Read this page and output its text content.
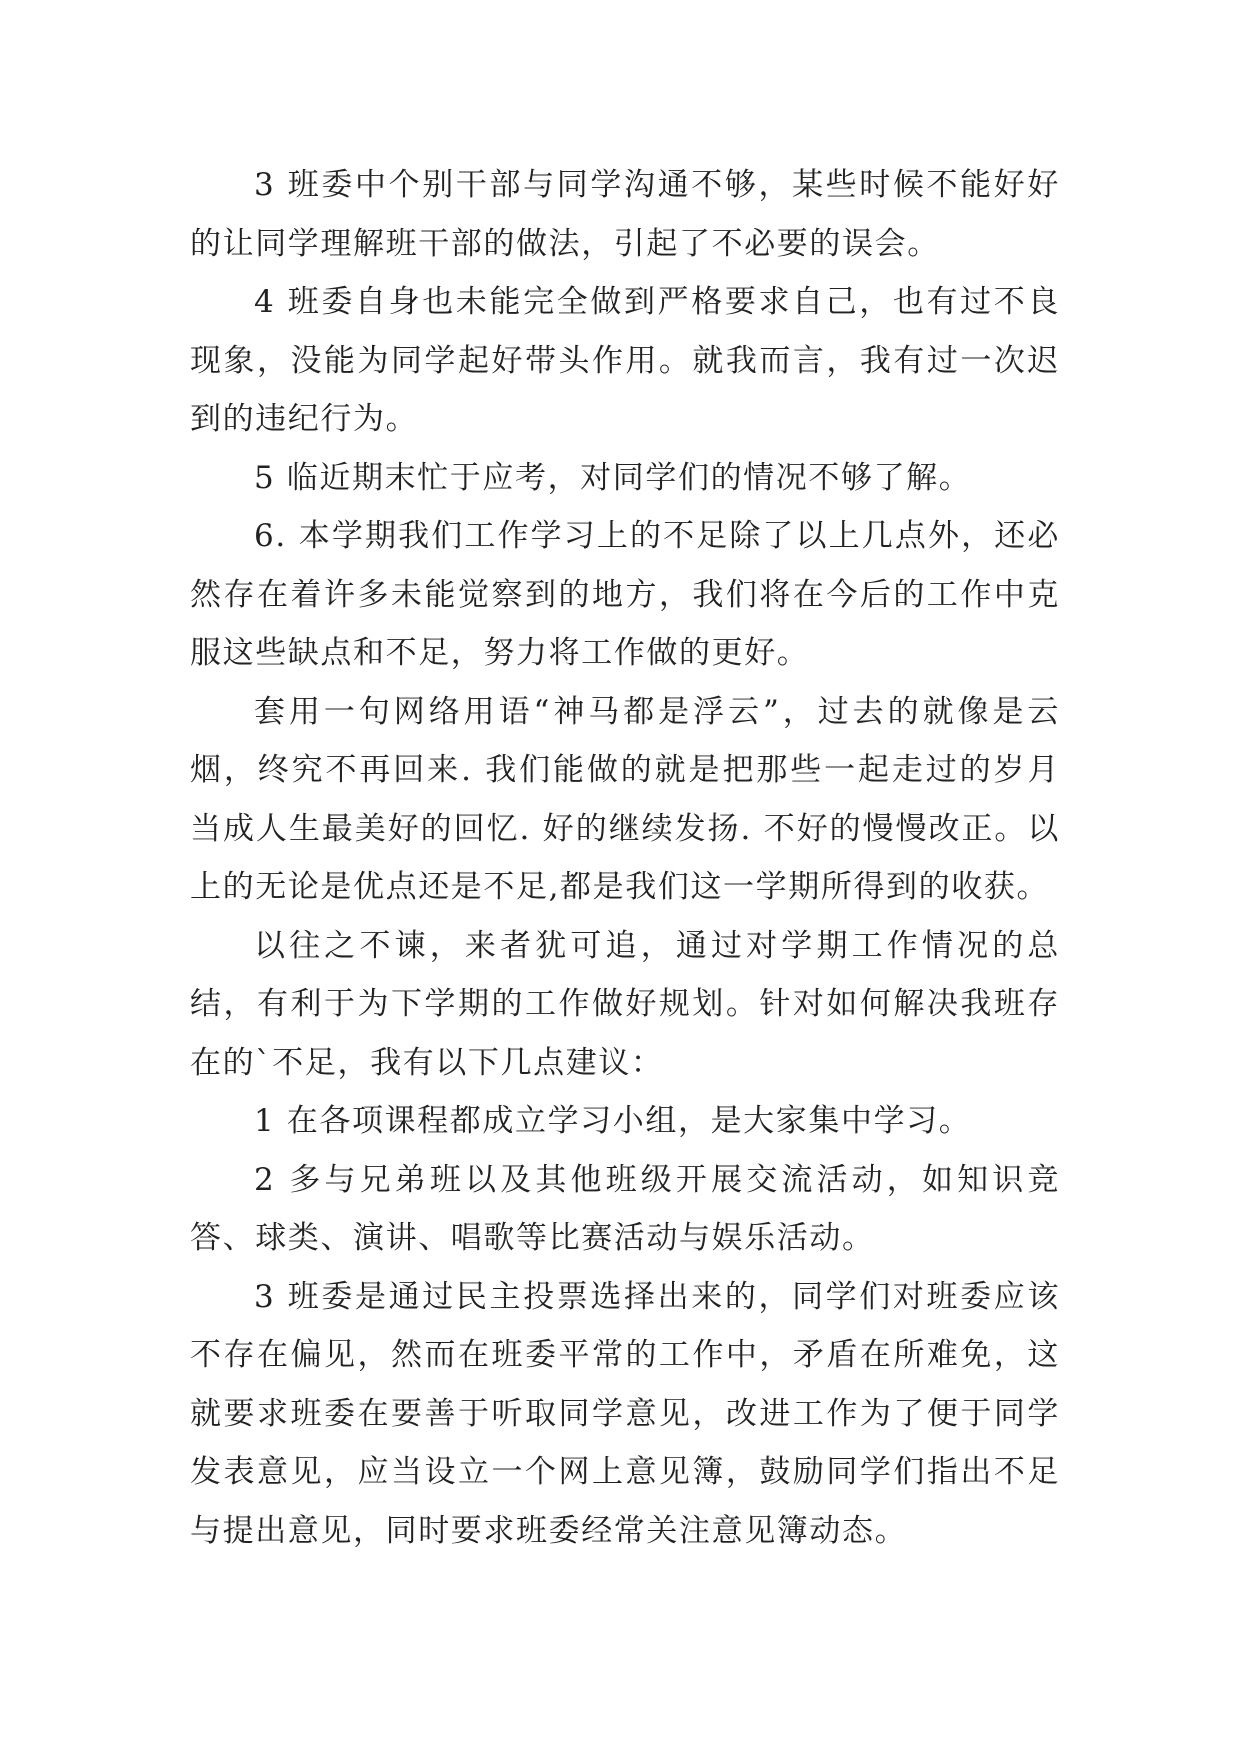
3 班委中个别干部与同学沟通不够，某些时候不能好好的让同学理解班干部的做法，引起了不必要的误会。

4 班委自身也未能完全做到严格要求自己，也有过不良现象，没能为同学起好带头作用。就我而言，我有过一次迟到的违纪行为。

5 临近期末忙于应考，对同学们的情况不够了解。

6. 本学期我们工作学习上的不足除了以上几点外，还必然存在着许多未能觉察到的地方，我们将在今后的工作中克服这些缺点和不足，努力将工作做的更好。

套用一句网络用语“神马都是浮云”，过去的就像是云烟，终究不再回来. 我们能做的就是把那些一起走过的岁月当成人生最美好的回忆. 好的继续发扬. 不好的慢慢改正。以上的无论是优点还是不足,都是我们这一学期所得到的收获。

以往之不谏，来者犹可追，通过对学期工作情况的总结，有利于为下学期的工作做好规划。针对如何解决我班存在的`不足，我有以下几点建议：

1 在各项课程都成立学习小组，是大家集中学习。

2 多与兄弟班以及其他班级开展交流活动，如知识竞答、球类、演讲、唱歌等比赛活动与娱乐活动。

3 班委是通过民主投票选择出来的，同学们对班委应该不存在偏见，然而在班委平常的工作中，矛盾在所难免，这就要求班委在要善于听取同学意见，改进工作为了便于同学发表意见，应当设立一个网上意见簿，鼓励同学们指出不足与提出意见，同时要求班委经常关注意见簿动态。
